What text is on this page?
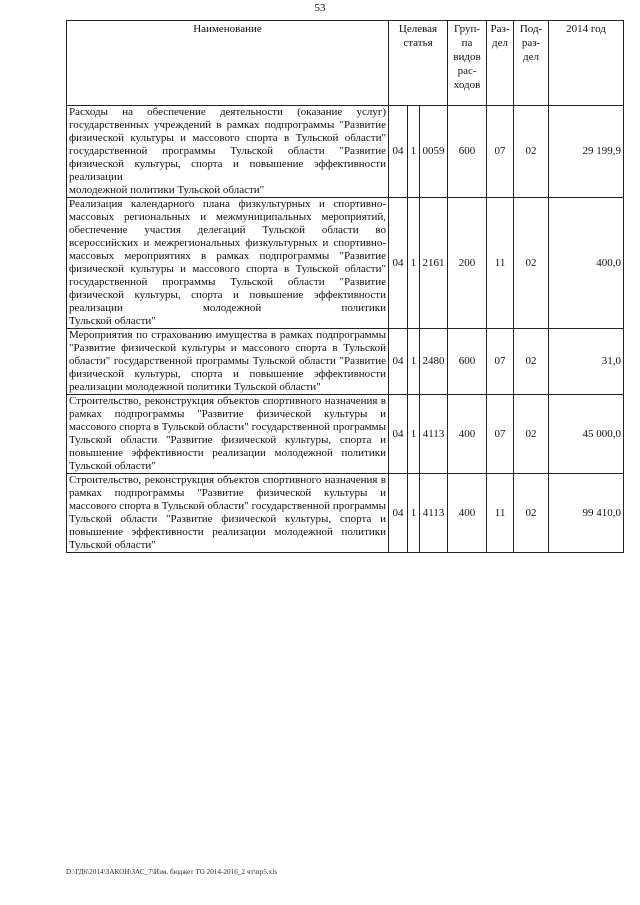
53
Наименование	Целевая статья			Груп- па видов рас- ходов	Раз- дел	Под- раз- дел	2014 год
Расходы на обеспечение деятельности (оказание услуг) государственных учреждений в рамках подпрограммы "Развитие физической культуры и массового спорта в Тульской области" государственной программы Тульской области "Развитие физической культуры, спорта и повышение эффективности реализации
молодежной политики Тульской области"	04	1	0059	600	07	02	29 199,9
Реализация календарного плана физкультурных и спортивно-массовых региональных и межмуниципальных мероприятий, обеспечение участия делегаций Тульской области во всероссийских и межрегиональных физкультурных и спортивно-массовых мероприятиях в рамках подпрограммы "Развитие физической культуры и массового спорта в Тульской области" государственной программы Тульской области "Развитие физической культуры, спорта и повышение эффективности реализации молодежной политики
Тульской области"	04	1	2161	200	11	02	400,0
Мероприятия по страхованию имущества в рамках подпрограммы "Развитие физической культуры и массового спорта в Тульской области" государственной программы Тульской области "Развитие физической культуры, спорта и повышение эффективности
реализации молодежной политики Тульской области"	04	1	2480	600	07	02	31,0
Строительство, реконструкция объектов спортивного назначения в рамках подпрограммы "Развитие физической культуры и массового спорта в Тульской области" государственной программы Тульской области "Развитие физической культуры, спорта и повышение эффективности реализации молодежной политики
Тульской области"	04	1	4113	400	07	02	45 000,0
Строительство, реконструкция объектов спортивного назначения в рамках подпрограммы "Развитие физической культуры и массового спорта в Тульской области" государственной программы Тульской области "Развитие физической культуры, спорта и повышение эффективности реализации молодежной политики
Тульской области"	04	1	4113	400	11	02	99 410,0
D:\ГД6\2014\ЗАКОН\ЗАС_7\Изм. бюджет ТО 2014-2016_2 чт\пр5.xls
